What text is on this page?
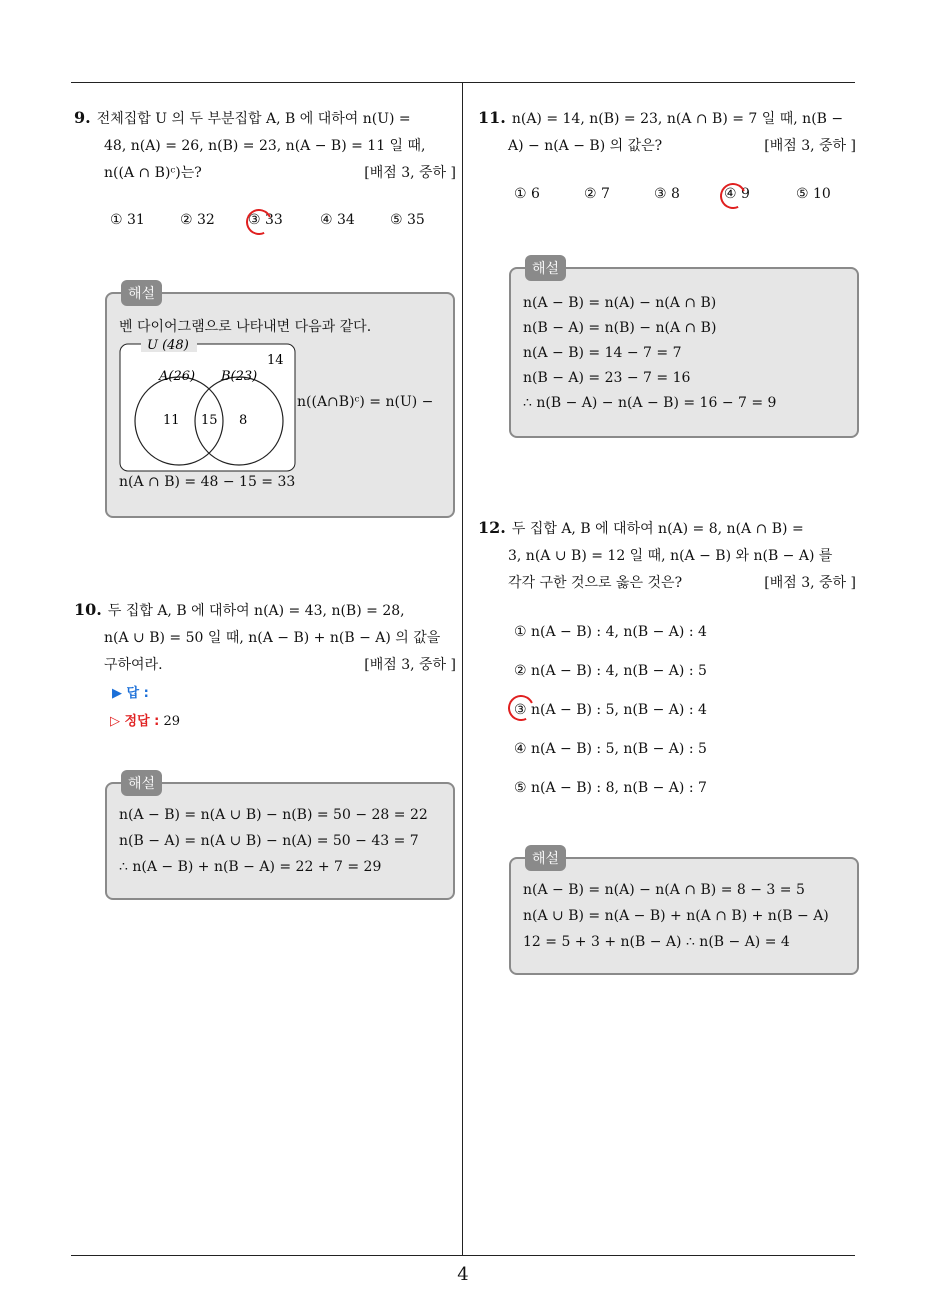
9. 전체집합 U 의 두 부분집합 A, B 에 대하여 n(U) =
48, n(A) = 26, n(B) = 23, n(A − B) = 11 일 때,
n((A ∩ B)ᶜ)는?	[배점 3, 중하 ]
① 31	② 32 ③ 33	④ 34	⑤ 35
해설
벤 다이어그램으로 나타내면 다음과 같다.
U (48)
14
A(26) B(23)
11 15 8
n((A∩B)ᶜ) = n(U) −
n(A ∩ B) = 48 − 15 = 33
10. 두 집합 A, B 에 대하여 n(A) = 43, n(B) = 28,
n(A ∪ B) = 50 일 때, n(A − B) + n(B − A) 의 값을
구하여라.	[배점 3, 중하 ]
▶ 답 :
▷ 정답 : 29
해설
n(A − B) = n(A ∪ B) − n(B) = 50 − 28 = 22
n(B − A) = n(A ∪ B) − n(A) = 50 − 43 = 7
∴ n(A − B) + n(B − A) = 22 + 7 = 29
11. n(A) = 14, n(B) = 23, n(A ∩ B) = 7 일 때, n(B −
A) − n(A − B) 의 값은?	[배점 3, 중하 ]
① 6	② 7	③ 8	④ 9	⑤ 10
해설
n(A − B) = n(A) − n(A ∩ B)
n(B − A) = n(B) − n(A ∩ B)
n(A − B) = 14 − 7 = 7
n(B − A) = 23 − 7 = 16
∴ n(B − A) − n(A − B) = 16 − 7 = 9
12. 두 집합 A, B 에 대하여 n(A) = 8, n(A ∩ B) =
3, n(A ∪ B) = 12 일 때, n(A − B) 와 n(B − A) 를
각각 구한 것으로 옳은 것은?	[배점 3, 중하 ]
① n(A − B) : 4, n(B − A) : 4
② n(A − B) : 4, n(B − A) : 5
③ n(A − B) : 5, n(B − A) : 4
④ n(A − B) : 5, n(B − A) : 5
⑤ n(A − B) : 8, n(B − A) : 7
해설
n(A − B) = n(A) − n(A ∩ B) = 8 − 3 = 5
n(A ∪ B) = n(A − B) + n(A ∩ B) + n(B − A)
12 = 5 + 3 + n(B − A) ∴ n(B − A) = 4
4
